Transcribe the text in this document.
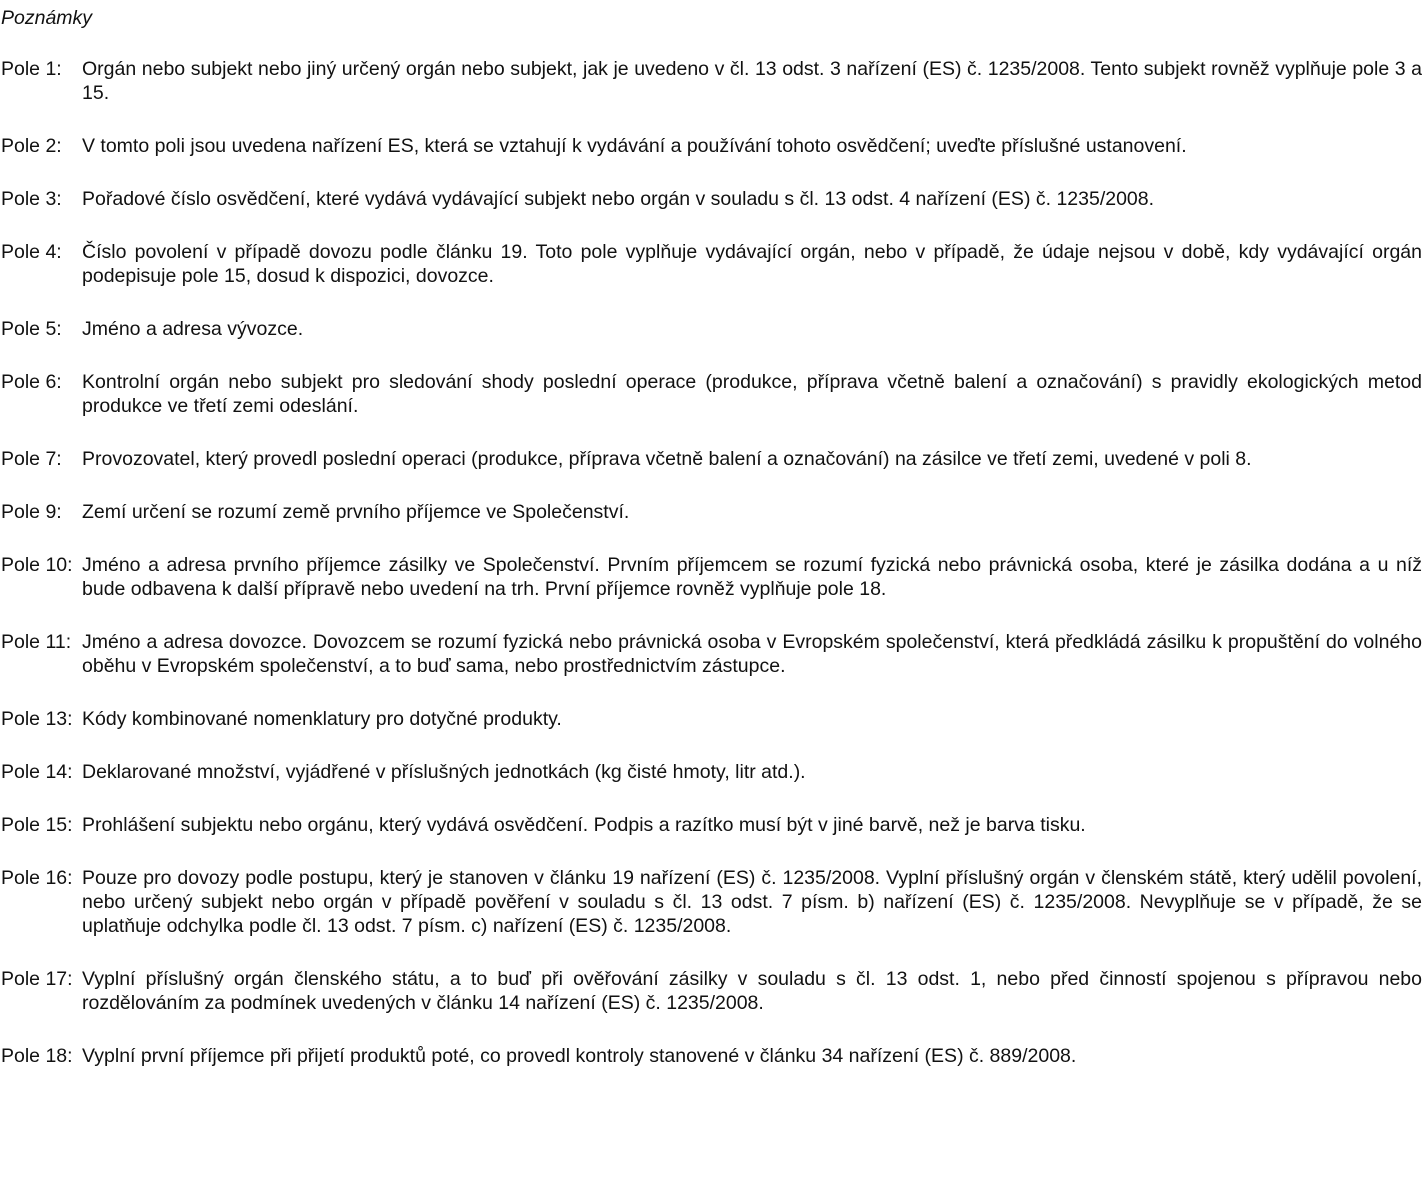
Poznámky
Pole 1:	Orgán nebo subjekt nebo jiný určený orgán nebo subjekt, jak je uvedeno v čl. 13 odst. 3 nařízení (ES) č. 1235/2008. Tento subjekt rovněž vyplňuje pole 3 a 15.
Pole 2:	V tomto poli jsou uvedena nařízení ES, která se vztahují k vydávání a používání tohoto osvědčení; uveďte příslušné ustanovení.
Pole 3:	Pořadové číslo osvědčení, které vydává vydávající subjekt nebo orgán v souladu s čl. 13 odst. 4 nařízení (ES) č. 1235/2008.
Pole 4:	Číslo povolení v případě dovozu podle článku 19. Toto pole vyplňuje vydávající orgán, nebo v případě, že údaje nejsou v době, kdy vydávající orgán podepisuje pole 15, dosud k dispozici, dovozce.
Pole 5:	Jméno a adresa vývozce.
Pole 6:	Kontrolní orgán nebo subjekt pro sledování shody poslední operace (produkce, příprava včetně balení a označování) s pravidly ekologických metod produkce ve třetí zemi odeslání.
Pole 7:	Provozovatel, který provedl poslední operaci (produkce, příprava včetně balení a označování) na zásilce ve třetí zemi, uvedené v poli 8.
Pole 9:	Zemí určení se rozumí země prvního příjemce ve Společenství.
Pole 10: Jméno a adresa prvního příjemce zásilky ve Společenství. Prvním příjemcem se rozumí fyzická nebo právnická osoba, které je zásilka dodána a u níž bude odbavena k další přípravě nebo uvedení na trh. První příjemce rovněž vyplňuje pole 18.
Pole 11: Jméno a adresa dovozce. Dovozcem se rozumí fyzická nebo právnická osoba v Evropském společenství, která předkládá zásilku k propuštění do volného oběhu v Evropském společenství, a to buď sama, nebo prostřednictvím zástupce.
Pole 13: Kódy kombinované nomenklatury pro dotyčné produkty.
Pole 14: Deklarované množství, vyjádřené v příslušných jednotkách (kg čisté hmoty, litr atd.).
Pole 15: Prohlášení subjektu nebo orgánu, který vydává osvědčení. Podpis a razítko musí být v jiné barvě, než je barva tisku.
Pole 16: Pouze pro dovozy podle postupu, který je stanoven v článku 19 nařízení (ES) č. 1235/2008. Vyplní příslušný orgán v členském státě, který udělil povolení, nebo určený subjekt nebo orgán v případě pověření v souladu s čl. 13 odst. 7 písm. b) nařízení (ES) č. 1235/2008. Nevyplňuje se v případě, že se uplatňuje odchylka podle čl. 13 odst. 7 písm. c) nařízení (ES) č. 1235/2008.
Pole 17: Vyplní příslušný orgán členského státu, a to buď při ověřování zásilky v souladu s čl. 13 odst. 1, nebo před činností spojenou s přípravou nebo rozdělováním za podmínek uvedených v článku 14 nařízení (ES) č. 1235/2008.
Pole 18: Vyplní první příjemce při přijetí produktů poté, co provedl kontroly stanovené v článku 34 nařízení (ES) č. 889/2008.
